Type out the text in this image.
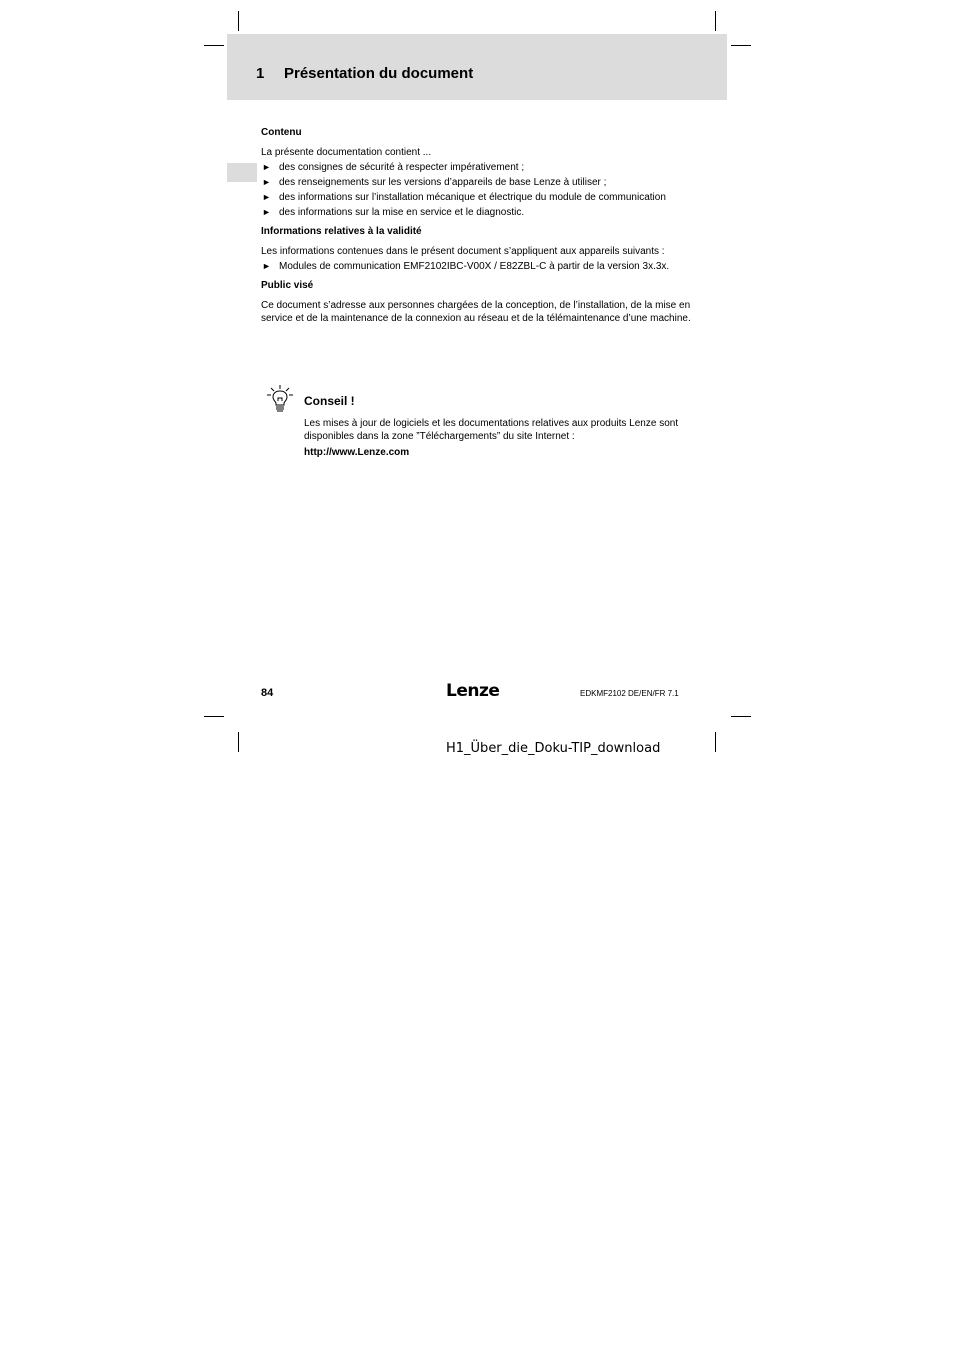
1 Présentation du document

Contenu

La présente documentation contient ...

► des consignes de sécurité à respecter impérativement ;
► des renseignements sur les versions d’appareils de base Lenze à utiliser ;
► des informations sur l’installation mécanique et électrique du module de communication
► des informations sur la mise en service et le diagnostic.

Informations relatives à la validité

Les informations contenues dans le présent document s’appliquent aux appareils suivants :

► Modules de communication EMF2102IBC-V00X / E82ZBL-C à partir de la version 3x.3x.

Public visé

Ce document s’adresse aux personnes chargées de la conception, de l’installation, de la mise en service et de la maintenance de la connexion au réseau et de la télémaintenance d’une machine.

Conseil !
Les mises à jour de logiciels et les documentations relatives aux produits Lenze sont disponibles dans la zone ”Téléchargements” du site Internet :
http://www.Lenze.com
84	Lenze	EDKMF2102 DE/EN/FR 7.1
H1_Über_die_Doku-TIP_download
